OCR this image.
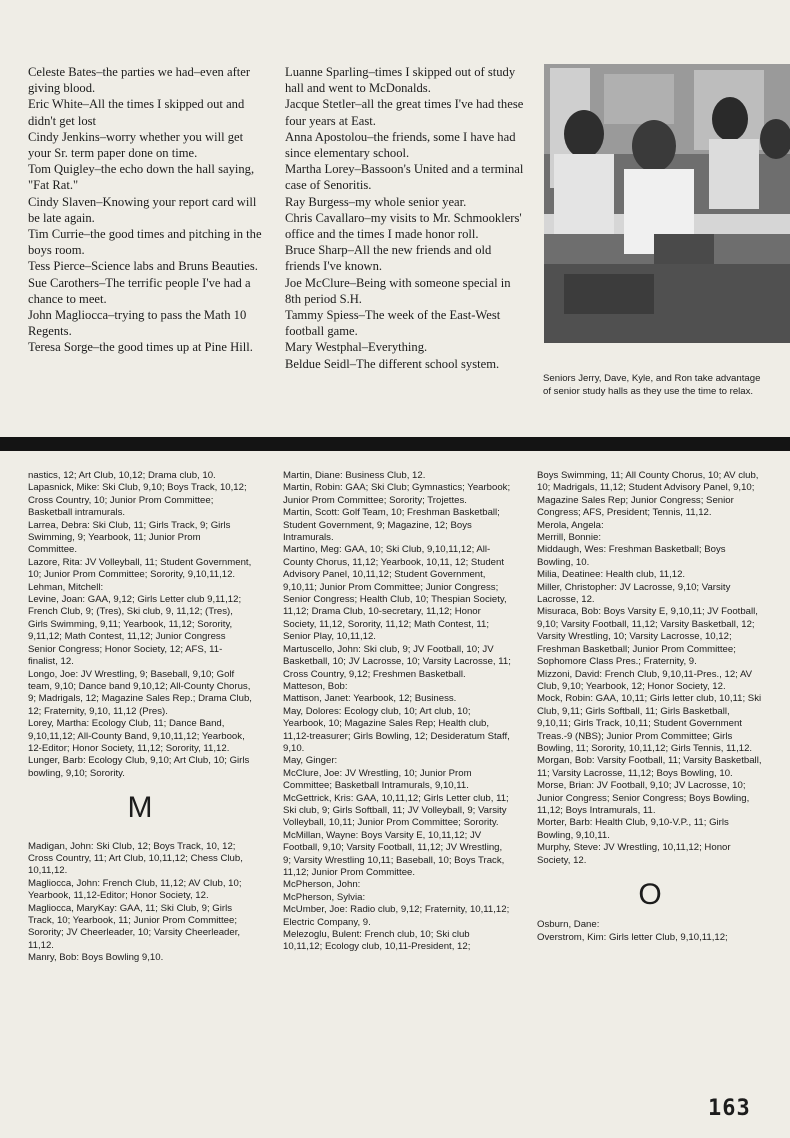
Celeste Bates–the parties we had–even after giving blood.

Eric White–All the times I skipped out and didn't get lost

Cindy Jenkins–worry whether you will get your Sr. term paper done on time.

Tom Quigley–the echo down the hall saying, "Fat Rat."

Cindy Slaven–Knowing your report card will be late again.

Tim Currie–the good times and pitching in the boys room.

Tess Pierce–Science labs and Bruns Beauties.

Sue Carothers–The terrific people I've had a chance to meet.

John Magliocca–trying to pass the Math 10 Regents.

Teresa Sorge–the good times up at Pine Hill.

Luanne Sparling–times I skipped out of study hall and went to McDonalds.

Jacque Stetler–all the great times I've had these four years at East.

Anna Apostolou–the friends, some I have had since elementary school.

Martha Lorey–Bassoon's United and a terminal case of Senoritis.

Ray Burgess–my whole senior year.

Chris Cavallaro–my visits to Mr. Schmooklers' office and the times I made honor roll.

Bruce Sharp–All the new friends and old friends I've known.

Joe McClure–Being with someone special in 8th period S.H.

Tammy Spiess–The week of the East-West football game.

Mary Westphal–Everything.

Beldue Seidl–The different school system.

Seniors Jerry, Dave, Kyle, and Ron take advantage of senior study halls as they use the time to relax.

nastics, 12; Art Club, 10,12; Drama club, 10.

Lapasnick, Mike: Ski Club, 9,10; Boys Track, 10,12; Cross Country, 10; Junior Prom Committee; Basketball intramurals.

Larrea, Debra: Ski Club, 11; Girls Track, 9; Girls Swimming, 9; Yearbook, 11; Junior Prom Committee.

Lazore, Rita: JV Volleyball, 11; Student Government, 10; Junior Prom Committee; Sorority, 9,10,11,12.

Lehman, Mitchell:

Levine, Joan: GAA, 9,12; Girls Letter club 9,11,12; French Club, 9; (Tres), Ski club, 9, 11,12; (Tres), Girls Swimming, 9,11; Yearbook, 11,12; Sorority, 9,11,12; Math Contest, 11,12; Junior Congress Senior Congress; Honor Society, 12; AFS, 11-finalist, 12.

Longo, Joe: JV Wrestling, 9; Baseball, 9,10; Golf team, 9,10; Dance band 9,10,12; All-County Chorus, 9; Madrigals, 12; Magazine Sales Rep.; Drama Club, 12; Fraternity, 9,10, 11,12 (Pres).

Lorey, Martha: Ecology Club, 11; Dance Band, 9,10,11,12; All-County Band, 9,10,11,12; Yearbook, 12-Editor; Honor Society, 11,12; Sorority, 11,12.

Lunger, Barb: Ecology Club, 9,10; Art Club, 10; Girls bowling, 9,10; Sorority.

M

Madigan, John: Ski Club, 12; Boys Track, 10, 12; Cross Country, 11; Art Club, 10,11,12; Chess Club, 10,11,12.

Magliocca, John: French Club, 11,12; AV Club, 10; Yearbook, 11,12-Editor; Honor Society, 12.

Magliocca, MaryKay: GAA, 11; Ski Club, 9; Girls Track, 10; Yearbook, 11; Junior Prom Committee; Sorority; JV Cheerleader, 10; Varsity Cheerleader, 11,12.

Manry, Bob: Boys Bowling 9,10.

Martin, Diane: Business Club, 12.

Martin, Robin: GAA; Ski Club; Gymnastics; Yearbook; Junior Prom Committee; Sorority; Trojettes.

Martin, Scott: Golf Team, 10; Freshman Basketball; Student Government, 9; Magazine, 12; Boys Intramurals.

Martino, Meg: GAA, 10; Ski Club, 9,10,11,12; All-County Chorus, 11,12; Yearbook, 10,11, 12; Student Advisory Panel, 10,11,12; Student Government, 9,10,11; Junior Prom Committee; Junior Congress; Senior Congress; Health Club, 10; Thespian Society, 11,12; Drama Club, 10-secretary, 11,12; Honor Society, 11,12, Sorority, 11,12; Math Contest, 11; Senior Play, 10,11,12.

Martuscello, John: Ski club, 9; JV Football, 10; JV Basketball, 10; JV Lacrosse, 10; Varsity Lacrosse, 11; Cross Country, 9,12; Freshmen Basketball.

Matteson, Bob:

Mattison, Janet: Yearbook, 12; Business.

May, Dolores: Ecology club, 10; Art club, 10; Yearbook, 10; Magazine Sales Rep; Health club, 11,12-treasurer; Girls Bowling, 12; Desideratum Staff, 9,10.

May, Ginger:

McClure, Joe: JV Wrestling, 10; Junior Prom Committee; Basketball Intramurals, 9,10,11.

McGettrick, Kris: GAA, 10,11,12; Girls Letter club, 11; Ski club, 9; Girls Softball, 11; JV Volleyball, 9; Varsity Volleyball, 10,11; Junior Prom Committee; Sorority.

McMillan, Wayne: Boys Varsity E, 10,11,12; JV Football, 9,10; Varsity Football, 11,12; JV Wrestling, 9; Varsity Wrestling 10,11; Baseball, 10; Boys Track, 11,12; Junior Prom Committee.

McPherson, John:

McPherson, Sylvia:

McUmber, Joe: Radio club, 9,12; Fraternity, 10,11,12; Electric Company, 9.

Melezoglu, Bulent: French club, 10; Ski club 10,11,12; Ecology club, 10,11-President, 12;

Boys Swimming, 11; All County Chorus, 10; AV club, 10; Madrigals, 11,12; Student Advisory Panel, 9,10; Magazine Sales Rep; Junior Congress; Senior Congress; AFS, President; Tennis, 11,12.

Merola, Angela:

Merrill, Bonnie:

Middaugh, Wes: Freshman Basketball; Boys Bowling, 10.

Milia, Deatinee: Health club, 11,12.

Miller, Christopher: JV Lacrosse, 9,10; Varsity Lacrosse, 12.

Misuraca, Bob: Boys Varsity E, 9,10,11; JV Football, 9,10; Varsity Football, 11,12; Varsity Basketball, 12; Varsity Wrestling, 10; Varsity Lacrosse, 10,12; Freshman Basketball; Junior Prom Committee; Sophomore Class Pres.; Fraternity, 9.

Mizzoni, David: French Club, 9,10,11-Pres., 12; AV Club, 9,10; Yearbook, 12; Honor Society, 12.

Mock, Robin: GAA, 10,11; Girls letter club, 10,11; Ski Club, 9,11; Girls Softball, 11; Girls Basketball, 9,10,11; Girls Track, 10,11; Student Government Treas.-9 (NBS); Junior Prom Committee; Girls Bowling, 11; Sorority, 10,11,12; Girls Tennis, 11,12.

Morgan, Bob: Varsity Football, 11; Varsity Basketball, 11; Varsity Lacrosse, 11,12; Boys Bowling, 10.

Morse, Brian: JV Football, 9,10; JV Lacrosse, 10; Junior Congress; Senior Congress; Boys Bowling, 11,12; Boys Intramurals, 11.

Morter, Barb: Health Club, 9,10-V.P., 11; Girls Bowling, 9,10,11.

Murphy, Steve: JV Wrestling, 10,11,12; Honor Society, 12.

O

Osburn, Dane:

Overstrom, Kim: Girls letter Club, 9,10,11,12;

163
